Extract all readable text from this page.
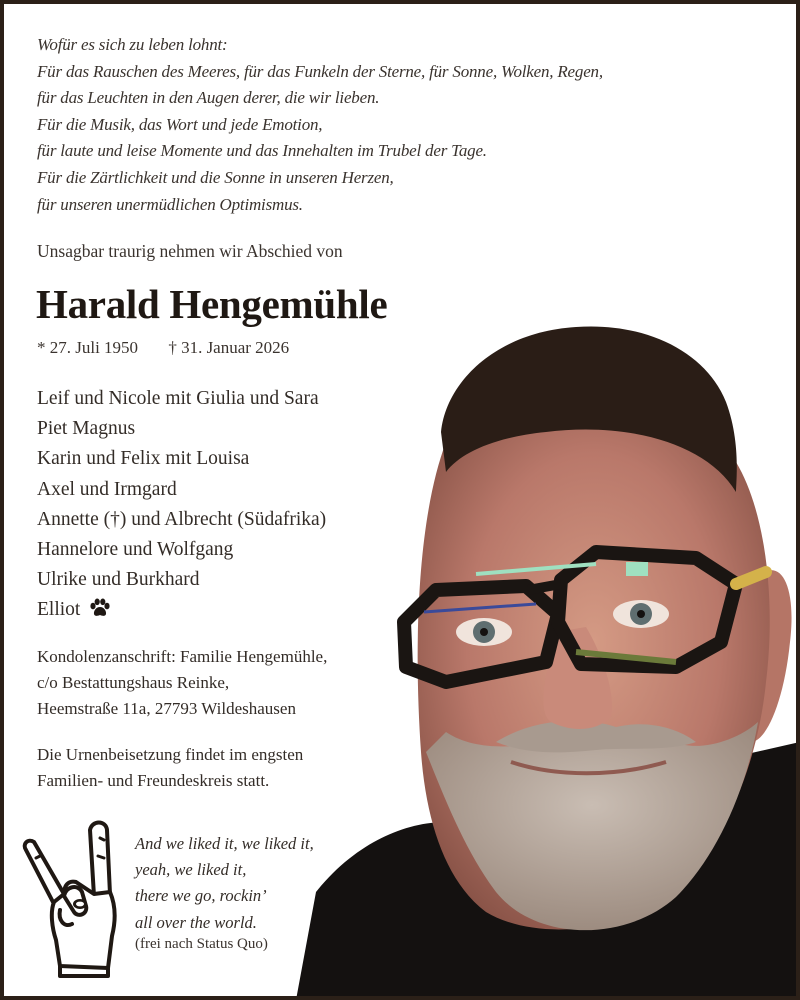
Wofür es sich zu leben lohnt:
Für das Rauschen des Meeres, für das Funkeln der Sterne, für Sonne, Wolken, Regen,
für das Leuchten in den Augen derer, die wir lieben.
Für die Musik, das Wort und jede Emotion,
für laute und leise Momente und das Innehalten im Trubel der Tage.
Für die Zärtlichkeit und die Sonne in unseren Herzen,
für unseren unermüdlichen Optimismus.
Unsagbar traurig nehmen wir Abschied von
Harald Hengemühle
* 27. Juli 1950 † 31. Januar 2026
Leif und Nicole mit Giulia und Sara
Piet Magnus
Karin und Felix mit Louisa
Axel und Irmgard
Annette (†) und Albrecht (Südafrika)
Hannelore und Wolfgang
Ulrike und Burkhard
Elliot
Kondolenzanschrift: Familie Hengemühle,
c/o Bestattungshaus Reinke,
Heemstraße 11a, 27793 Wildeshausen
Die Urnenbeisetzung findet im engsten
Familien- und Freundeskreis statt.
And we liked it, we liked it,
yeah, we liked it,
there we go, rockin’
all over the world.
(frei nach Status Quo)
